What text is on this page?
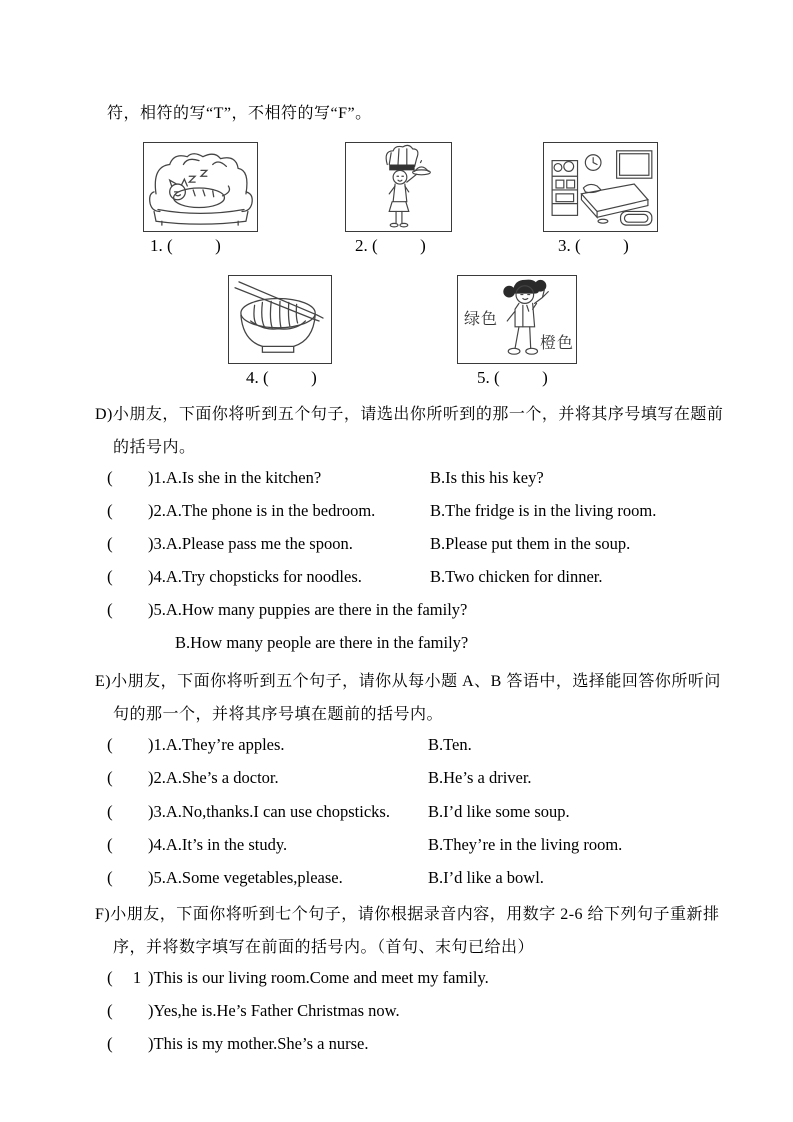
符，相符的写“T”，不相符的写“F”。
1. (          )	2. (          )	3. (          )
绿色
橙色
4. (          )	5. (          )
D)小朋友，下面你将听到五个句子，请选出你所听到的那一个，并将其序号填写在题前
的括号内。
( )1.A.Is she in the kitchen?	B.Is this his key?
( )2.A.The phone is in the bedroom.	B.The fridge is in the living room.
( )3.A.Please pass me the spoon.	B.Please put them in the soup.
( )4.A.Try chopsticks for noodles.	B.Two chicken for dinner.
( )5.A.How many puppies are there in the family?
B.How many people are there in the family?
E)小朋友，下面你将听到五个句子，请你从每小题 A、B 答语中，选择能回答你所听问
句的那一个，并将其序号填在题前的括号内。
( )1.A.They’re apples.	B.Ten.
( )2.A.She’s a doctor.	B.He’s a driver.
( )3.A.No,thanks.I can use chopsticks. B.I’d like some soup.
( )4.A.It’s in the study.	B.They’re in the living room.
( )5.A.Some vegetables,please.	B.I’d like a bowl.
F)小朋友，下面你将听到七个句子，请你根据录音内容，用数字 2-6 给下列句子重新排
序，并将数字填写在前面的括号内。（首句、末句已给出）
( 1 )This is our living room.Come and meet my family.
( )Yes,he is.He’s Father Christmas now.
( )This is my mother.She’s a nurse.
